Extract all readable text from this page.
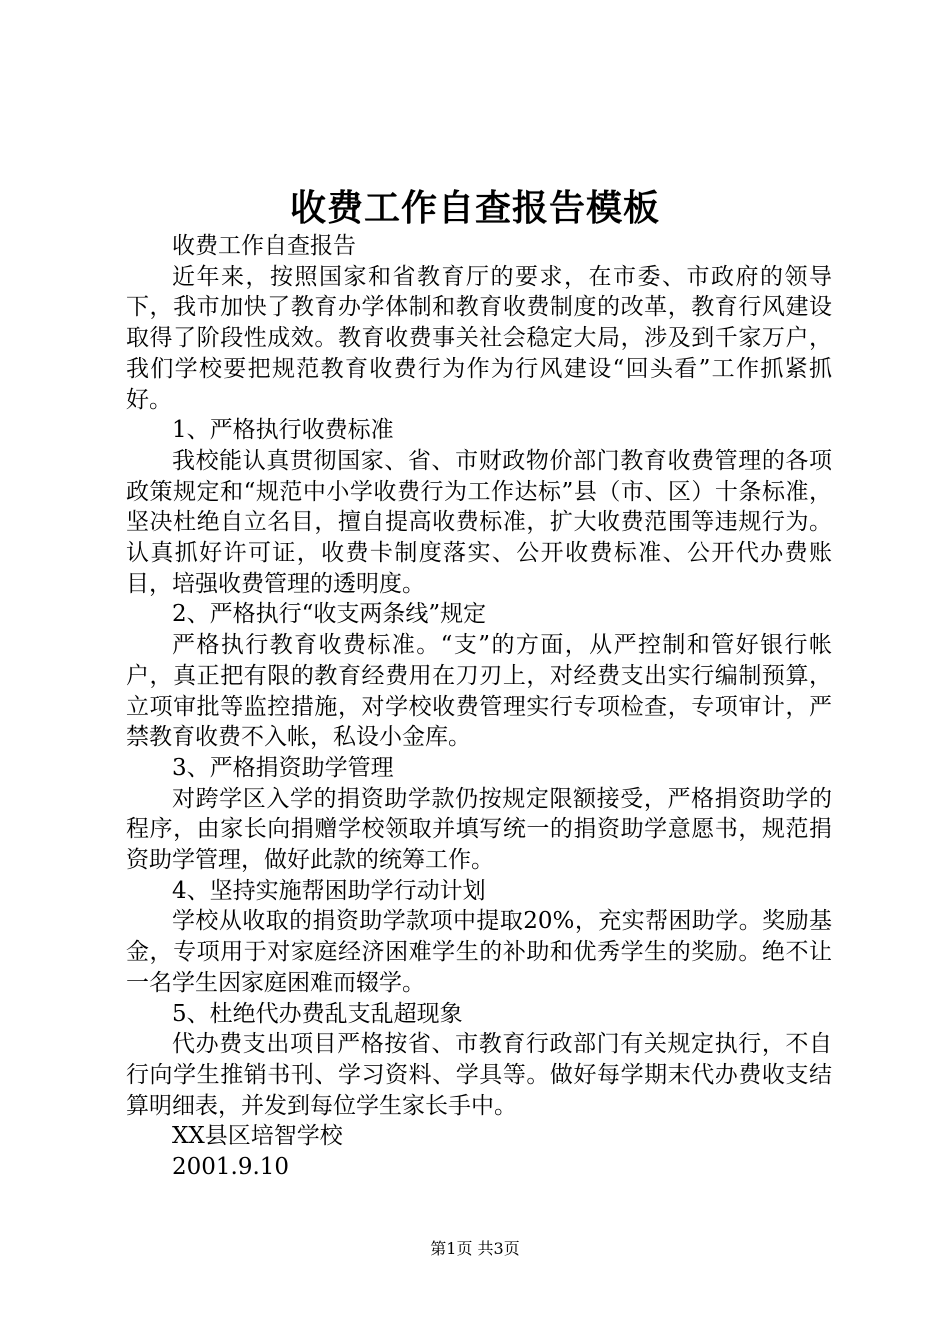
收费工作自查报告模板

收费工作自查报告

近年来，按照国家和省教育厅的要求，在市委、市政府的领导下，我市加快了教育办学体制和教育收费制度的改革，教育行风建设取得了阶段性成效。教育收费事关社会稳定大局，涉及到千家万户，我们学校要把规范教育收费行为作为行风建设“回头看”工作抓紧抓好。

1、严格执行收费标准

我校能认真贯彻国家、省、市财政物价部门教育收费管理的各项政策规定和“规范中小学收费行为工作达标”县（市、区）十条标准，坚决杜绝自立名目，擅自提高收费标准，扩大收费范围等违规行为。认真抓好许可证，收费卡制度落实、公开收费标准、公开代办费账目，培强收费管理的透明度。

2、严格执行“收支两条线”规定

严格执行教育收费标准。“支”的方面，从严控制和管好银行帐户，真正把有限的教育经费用在刀刃上，对经费支出实行编制预算，立项审批等监控措施，对学校收费管理实行专项检查，专项审计，严禁教育收费不入帐，私设小金库。

3、严格捐资助学管理

对跨学区入学的捐资助学款仍按规定限额接受，严格捐资助学的程序，由家长向捐赠学校领取并填写统一的捐资助学意愿书，规范捐资助学管理，做好此款的统筹工作。

4、坚持实施帮困助学行动计划

学校从收取的捐资助学款项中提取20%，充实帮困助学。奖励基金，专项用于对家庭经济困难学生的补助和优秀学生的奖励。绝不让一名学生因家庭困难而辍学。

5、杜绝代办费乱支乱超现象

代办费支出项目严格按省、市教育行政部门有关规定执行，不自行向学生推销书刊、学习资料、学具等。做好每学期末代办费收支结算明细表，并发到每位学生家长手中。

XX县区培智学校

2001.9.10

第1页 共3页
